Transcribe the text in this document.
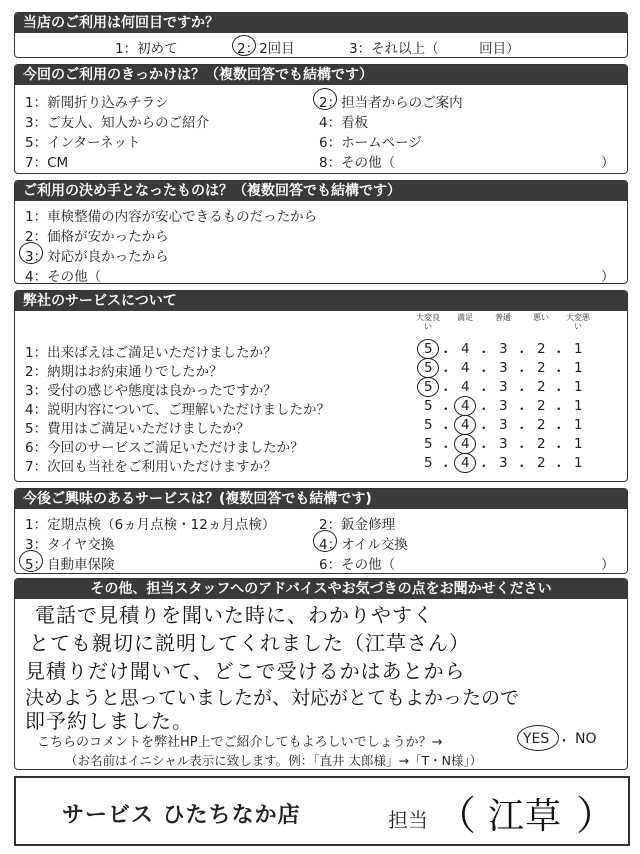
当店のご利用は何回目ですか？
1：初めて	2：2回目	3：それ以上（　　　回目）
今回のご利用のきっかけは？（複数回答でも結構です）
1：新聞折り込みチラシ	2：担当者からのご案内
3：ご友人、知人からのご紹介	4：看板
5：インターネット	6：ホームページ
7：CM	8：その他（	）
ご利用の決め手となったものは？（複数回答でも結構です）
1：車検整備の内容が安心できるものだったから
2：価格が安かったから
3：対応が良かったから
4：その他（	）
弊社のサービスについて
大変良い
満足	普通	悪い	大変悪い
1：出来ばえはご満足いただけましたか？	5 ・ 4 ・ 3 ・ 2 ・ 1
2：納期はお約束通りでしたか？	5 ・ 4 ・ 3 ・ 2 ・ 1
3：受付の感じや態度は良かったですか？	5 ・ 4 ・ 3 ・ 2 ・ 1
4：説明内容について、ご理解いただけましたか？	5 ・ 4 ・ 3 ・ 2 ・ 1
5：費用はご満足いただけましたか？	5 ・ 4 ・ 3 ・ 2 ・ 1
6：今回のサービスご満足いただけましたか？	5 ・ 4 ・ 3 ・ 2 ・ 1
7：次回も当社をご利用いただけますか？	5 ・ 4 ・ 3 ・ 2 ・ 1
今後ご興味のあるサービスは？(複数回答でも結構です)
1：定期点検（6ヵ月点検・12ヵ月点検）	2：鈑金修理
3：タイヤ交換	4：オイル交換
5：自動車保険	6：その他（	）
その他、担当スタッフへのアドバイスやお気づきの点をお聞かせください
電話で見積りを聞いた時に、わかりやすく
とても親切に説明してくれました（江草さん）
見積りだけ聞いて、どこで受けるかはあとから
決めようと思っていましたが、対応がとてもよかったので
即予約しました。
こちらのコメントを弊社HP上でご紹介してもよろしいでしょうか？→	YES ・ NO
（お名前はイニシャル表示に致します。例：「直井 太郎様」→「T・N様」）
サービス ひたちなか店	担当 （ 江草 ）
